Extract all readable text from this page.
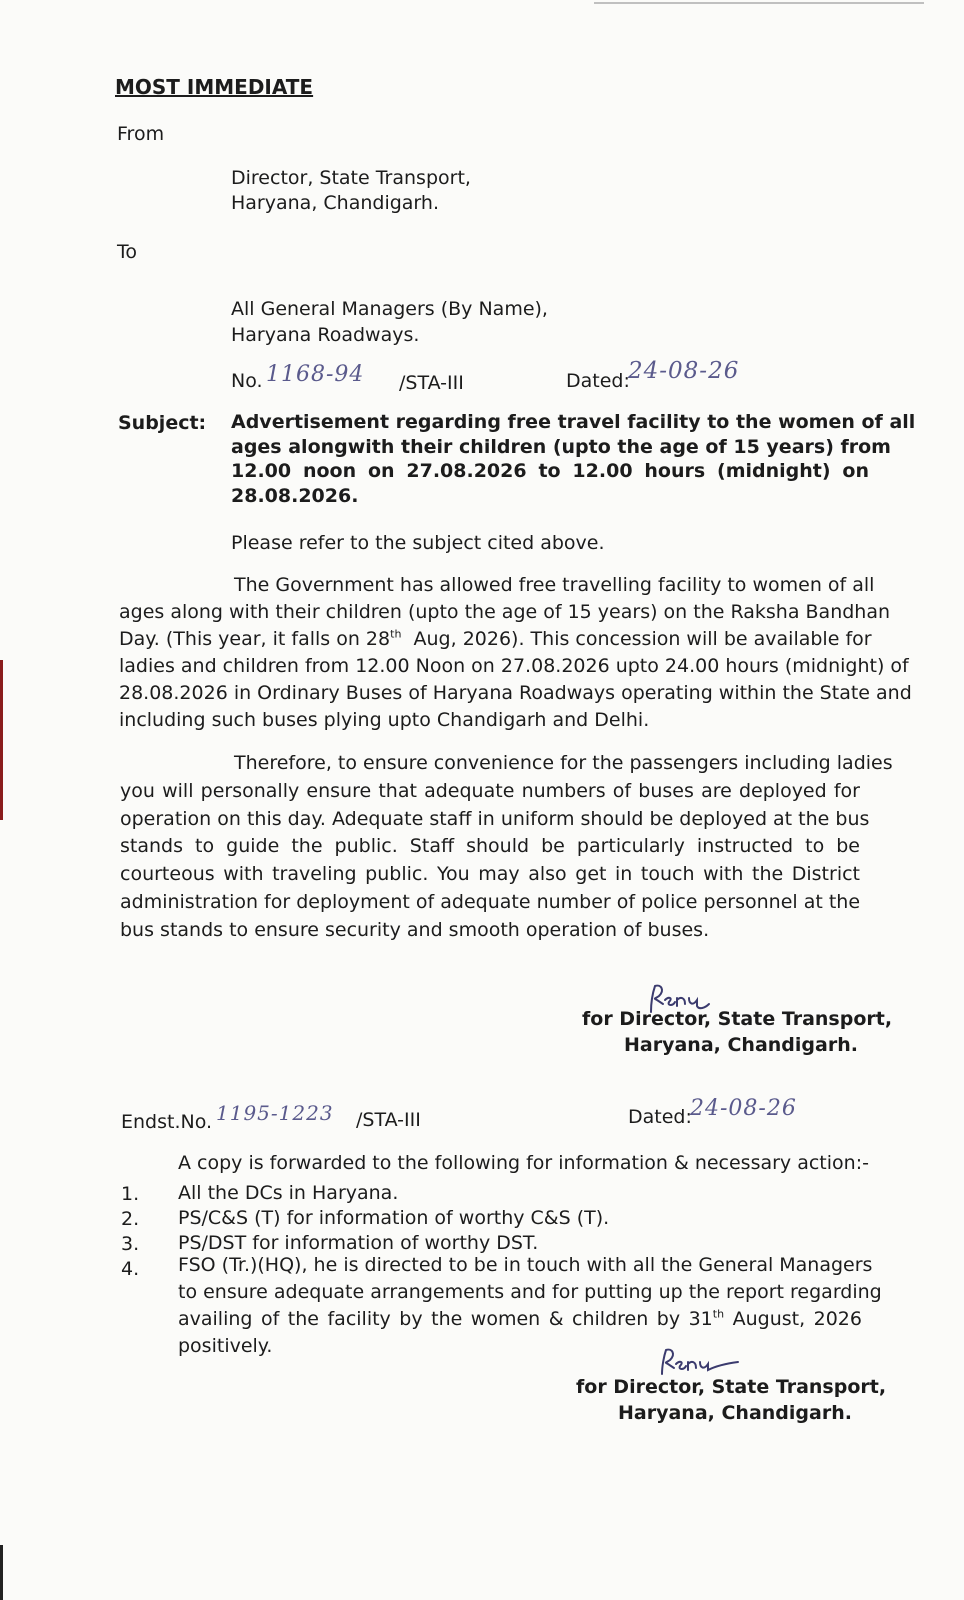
MOST IMMEDIATE
From
Director, State Transport,
Haryana, Chandigarh.
To
All General Managers (By Name),
Haryana Roadways.
No. 1168-94 /STA-III	Dated:
24-08-26
Subject: Advertisement regarding free travel facility to the women of all
ages alongwith their children (upto the age of 15 years) from
12.00 noon on 27.08.2026 to 12.00 hours (midnight) on
28.08.2026.
Please refer to the subject cited above.
The Government has allowed free travelling facility to women of all
ages along with their children (upto the age of 15 years) on the Raksha Bandhan
Day. (This year, it falls on 28th Aug, 2026). This concession will be available for
ladies and children from 12.00 Noon on 27.08.2026 upto 24.00 hours (midnight) of
28.08.2026 in Ordinary Buses of Haryana Roadways operating within the State and
including such buses plying upto Chandigarh and Delhi.
Therefore, to ensure convenience for the passengers including ladies
you will personally ensure that adequate numbers of buses are deployed for
operation on this day. Adequate staff in uniform should be deployed at the bus
stands to guide the public. Staff should be particularly instructed to be
courteous with traveling public. You may also get in touch with the District
administration for deployment of adequate number of police personnel at the
bus stands to ensure security and smooth operation of buses.
for Director, State Transport,
Haryana, Chandigarh.
Endst.No. 1195-1223 /STA-III	Dated:
24-08-26
A copy is forwarded to the following for information & necessary action:-
1. All the DCs in Haryana.
2. PS/C&S (T) for information of worthy C&S (T).
3. PS/DST for information of worthy DST.
4. FSO (Tr.)(HQ), he is directed to be in touch with all the General Managers
to ensure adequate arrangements and for putting up the report regarding
availing of the facility by the women & children by 31th August, 2026
positively.
for Director, State Transport,
Haryana, Chandigarh.
